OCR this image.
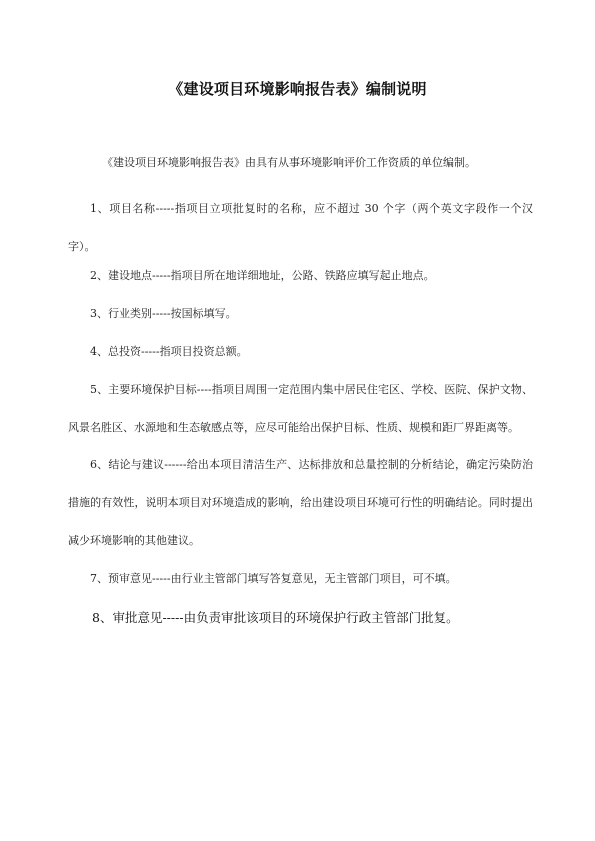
《建设项目环境影响报告表》编制说明
《建设项目环境影响报告表》由具有从事环境影响评价工作资质的单位编制。
1、项目名称-----指项目立项批复时的名称，应不超过 30 个字（两个英文字段作一个汉字）。
2、建设地点-----指项目所在地详细地址，公路、铁路应填写起止地点。
3、行业类别-----按国标填写。
4、总投资-----指项目投资总额。
5、主要环境保护目标----指项目周围一定范围内集中居民住宅区、学校、医院、保护文物、风景名胜区、水源地和生态敏感点等，应尽可能给出保护目标、性质、规模和距厂界距离等。
6、结论与建议------给出本项目清洁生产、达标排放和总量控制的分析结论，确定污染防治措施的有效性，说明本项目对环境造成的影响，给出建设项目环境可行性的明确结论。同时提出减少环境影响的其他建议。
7、预审意见-----由行业主管部门填写答复意见，无主管部门项目，可不填。
8、审批意见-----由负责审批该项目的环境保护行政主管部门批复。
